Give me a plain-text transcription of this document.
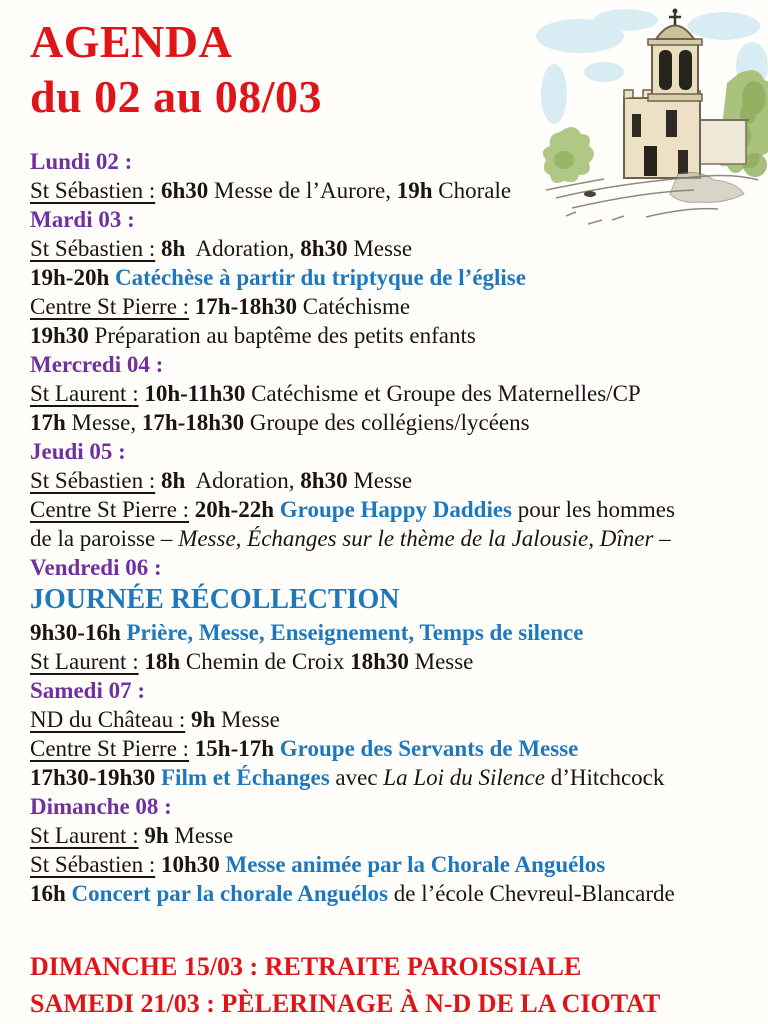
AGENDA
du 02 au 08/03
Lundi 02 :
St Sébastien : 6h30 Messe de l’Aurore, 19h Chorale
Mardi 03 :
St Sébastien : 8h  Adoration, 8h30 Messe
19h-20h Catéchèse à partir du triptyque de l’église
Centre St Pierre : 17h-18h30 Catéchisme
19h30 Préparation au baptême des petits enfants
Mercredi 04 :
St Laurent : 10h-11h30 Catéchisme et Groupe des Maternelles/CP
17h Messe, 17h-18h30 Groupe des collégiens/lycéens
Jeudi 05 :
St Sébastien : 8h  Adoration, 8h30 Messe
Centre St Pierre : 20h-22h Groupe Happy Daddies pour les hommes
de la paroisse – Messe, Échanges sur le thème de la Jalousie, Dîner –
Vendredi 06 :
JOURNÉE RÉCOLLECTION
9h30-16h Prière, Messe, Enseignement, Temps de silence
St Laurent : 18h Chemin de Croix 18h30 Messe
Samedi 07 :
ND du Château : 9h Messe
Centre St Pierre : 15h-17h Groupe des Servants de Messe
17h30-19h30 Film et Échanges avec La Loi du Silence d’Hitchcock
Dimanche 08 :
St Laurent : 9h Messe
St Sébastien : 10h30 Messe animée par la Chorale Anguélos
16h Concert par la chorale Anguélos de l’école Chevreul-Blancarde
DIMANCHE 15/03 : RETRAITE PAROISSIALE
SAMEDI 21/03 : PÈLERINAGE À N-D DE LA CIOTAT
